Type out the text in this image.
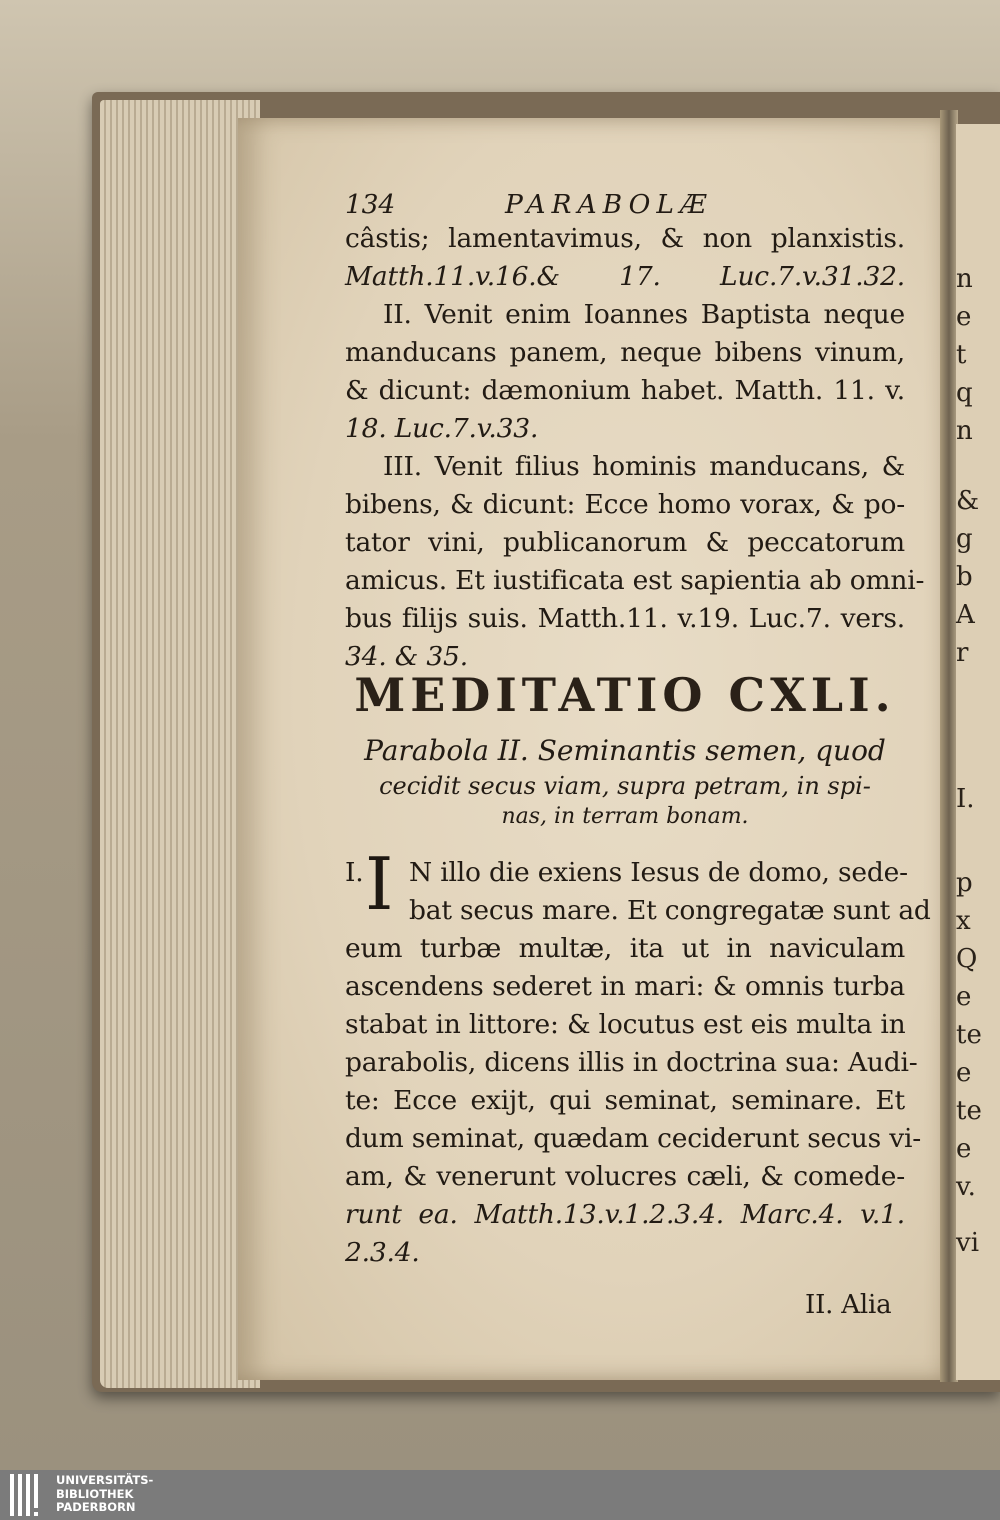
n
e
t
q
n
&
g
b
A
r
I.
p
x
Q
e
te
e
te
e
v.
vi
134	PARABOLÆ
câstis; lamentavimus, & non planxistis.
Matth.11.v.16.& 17. Luc.7.v.31.32.
II. Venit enim Ioannes Baptista neque
manducans panem, neque bibens vinum,
& dicunt: dæmonium habet. Matth. 11. v.
18. Luc.7.v.33.
III. Venit filius hominis manducans, &
bibens, & dicunt: Ecce homo vorax, & po-
tator vini, publicanorum & peccatorum
amicus. Et iustificata est sapientia ab omni-
bus filijs suis. Matth.11. v.19. Luc.7. vers.
34. & 35.
MEDITATIO CXLI.
Parabola II. Seminantis semen, quod
cecidit secus viam, supra petram, in spi-
nas, in terram bonam.
I. I N illo die exiens Iesus de domo, sede-
bat secus mare. Et congregatæ sunt ad
eum turbæ multæ, ita ut in naviculam
ascendens sederet in mari: & omnis turba
stabat in littore: & locutus est eis multa in
parabolis, dicens illis in doctrina sua: Audi-
te: Ecce exijt, qui seminat, seminare. Et
dum seminat, quædam ceciderunt secus vi-
am, & venerunt volucres cæli, & comede-
runt ea. Matth.13.v.1.2.3.4. Marc.4. v.1.
2.3.4.
II. Alia
UNIVERSITÄTS-
BIBLIOTHEK
PADERBORN
